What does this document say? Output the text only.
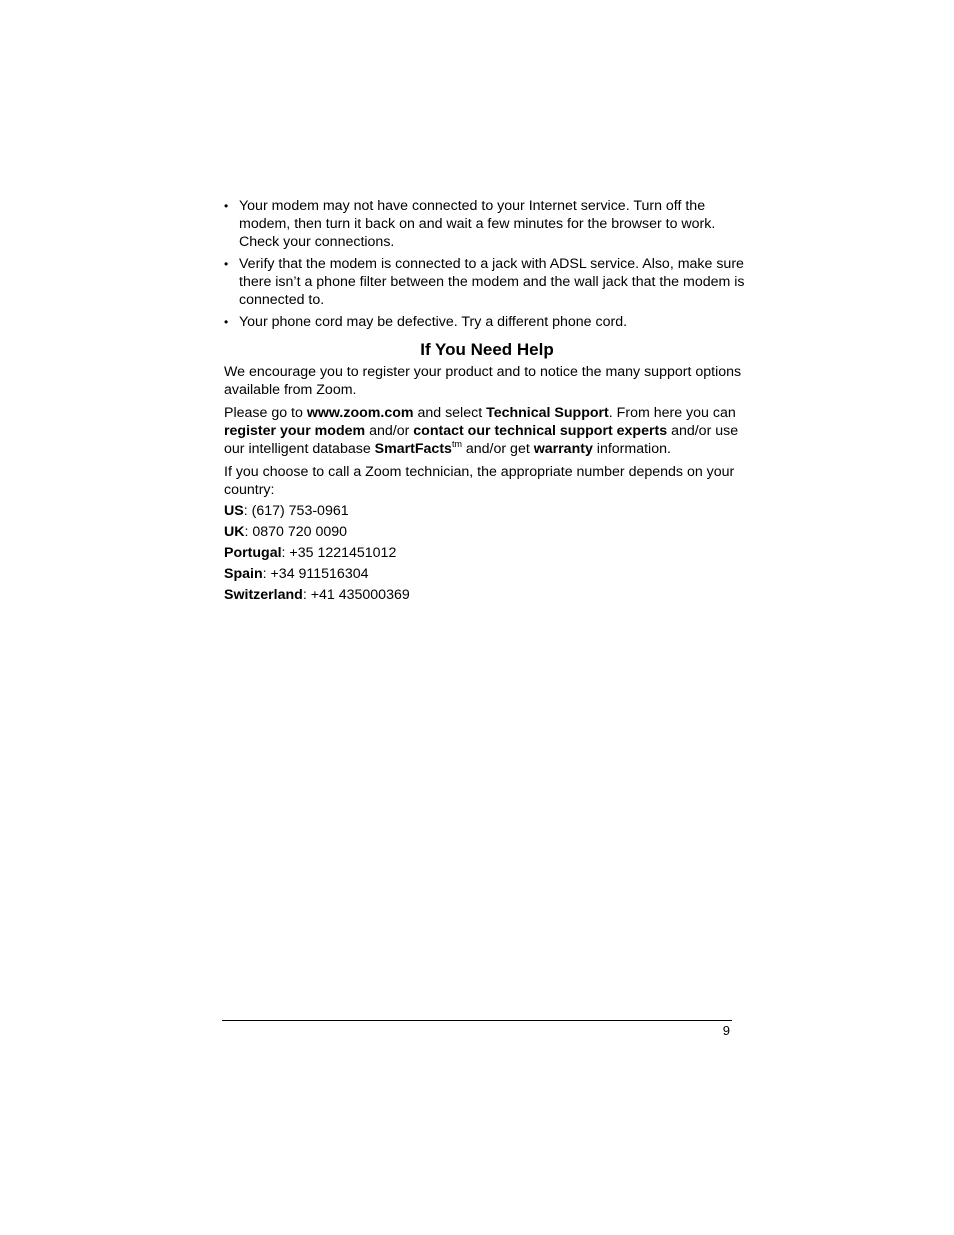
• Your modem may not have connected to your Internet service. Turn off the modem, then turn it back on and wait a few minutes for the browser to work. Check your connections.
• Verify that the modem is connected to a jack with ADSL service. Also, make sure there isn’t a phone filter between the modem and the wall jack that the modem is connected to.
• Your phone cord may be defective. Try a different phone cord.
If You Need Help

We encourage you to register your product and to notice the many support options available from Zoom.

Please go to www.zoom.com and select Technical Support. From here you can register your modem and/or contact our technical support experts and/or use our intelligent database SmartFacts$^{tm}$ and/or get warranty information.

If you choose to call a Zoom technician, the appropriate number depends on your country:

US: (617) 753-0961
UK: 0870 720 0090
Portugal: +35 1221451012
Spain: +34 911516304
Switzerland: +41 435000369
9
